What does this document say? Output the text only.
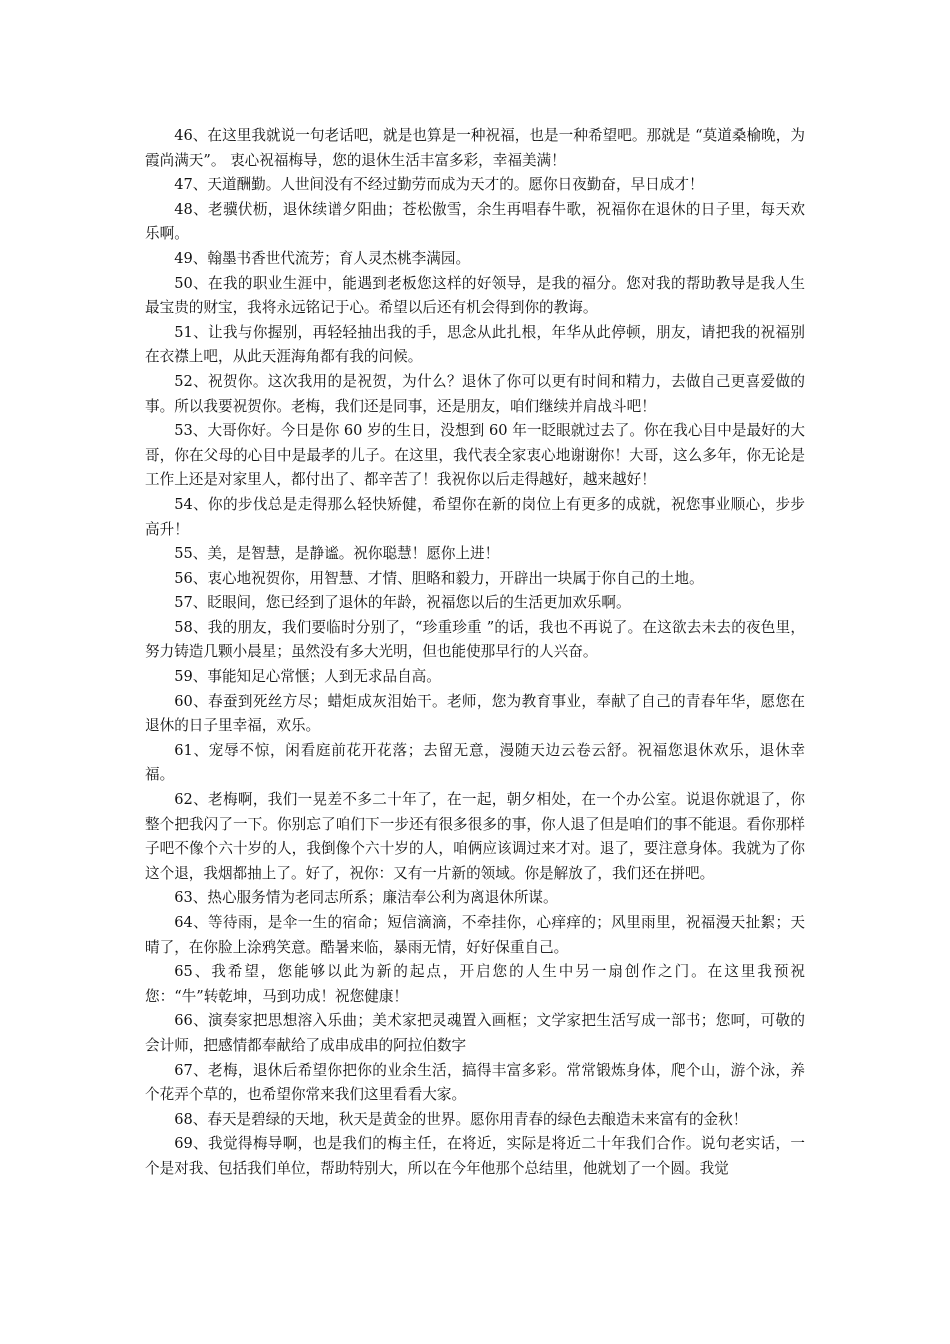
46、在这里我就说一句老话吧，就是也算是一种祝福，也是一种希望吧。那就是 “莫道桑榆晚，为霞尚满天”。 衷心祝福梅导，您的退休生活丰富多彩，幸福美满！

47、天道酬勤。人世间没有不经过勤劳而成为天才的。愿你日夜勤奋，早日成才！

48、老骥伏枥，退休续谱夕阳曲；苍松傲雪，余生再唱春牛歌，祝福你在退休的日子里，每天欢乐啊。

49、翰墨书香世代流芳；育人灵杰桃李满园。

50、在我的职业生涯中，能遇到老板您这样的好领导，是我的福分。您对我的帮助教导是我人生最宝贵的财宝，我将永远铭记于心。希望以后还有机会得到你的教诲。

51、让我与你握别，再轻轻抽出我的手，思念从此扎根，年华从此停顿，朋友，请把我的祝福别在衣襟上吧，从此天涯海角都有我的问候。

52、祝贺你。这次我用的是祝贺，为什么？退休了你可以更有时间和精力，去做自己更喜爱做的事。所以我要祝贺你。老梅，我们还是同事，还是朋友，咱们继续并肩战斗吧！

53、大哥你好。今日是你 60 岁的生日，没想到 60 年一眨眼就过去了。你在我心目中是最好的大哥，你在父母的心目中是最孝的儿子。在这里，我代表全家衷心地谢谢你！大哥，这么多年，你无论是工作上还是对家里人，都付出了、都辛苦了！我祝你以后走得越好，越来越好！

54、你的步伐总是走得那么轻快矫健，希望你在新的岗位上有更多的成就，祝您事业顺心，步步高升！

55、美，是智慧，是静谧。祝你聪慧！愿你上进！

56、衷心地祝贺你，用智慧、才情、胆略和毅力，开辟出一块属于你自己的土地。

57、眨眼间，您已经到了退休的年龄，祝福您以后的生活更加欢乐啊。

58、我的朋友，我们要临时分别了，“珍重珍重 ”的话，我也不再说了。在这欲去未去的夜色里，努力铸造几颗小晨星；虽然没有多大光明，但也能使那早行的人兴奋。

59、事能知足心常惬；人到无求品自高。

60、春蚕到死丝方尽；蜡炬成灰泪始干。老师，您为教育事业，奉献了自己的青春年华，愿您在退休的日子里幸福，欢乐。

61、宠辱不惊，闲看庭前花开花落；去留无意，漫随天边云卷云舒。祝福您退休欢乐，退休幸福。

62、老梅啊，我们一晃差不多二十年了，在一起，朝夕相处，在一个办公室。说退你就退了，你整个把我闪了一下。你别忘了咱们下一步还有很多很多的事，你人退了但是咱们的事不能退。看你那样子吧不像个六十岁的人，我倒像个六十岁的人，咱俩应该调过来才对。退了，要注意身体。我就为了你这个退，我烟都抽上了。好了，祝你：又有一片新的领域。你是解放了，我们还在拼吧。

63、热心服务情为老同志所系；廉洁奉公利为离退休所谋。

64、等待雨，是伞一生的宿命；短信滴滴，不牵挂你，心痒痒的；风里雨里，祝福漫天扯絮；天晴了，在你脸上涂鸦笑意。酷暑来临，暴雨无情，好好保重自己。

65、我希望，您能够以此为新的起点，开启您的人生中另一扇创作之门。在这里我预祝您：“牛”转乾坤，马到功成！祝您健康！

66、演奏家把思想溶入乐曲；美术家把灵魂置入画框；文学家把生活写成一部书；您呵，可敬的会计师，把感情都奉献给了成串成串的阿拉伯数字

67、老梅，退休后希望你把你的业余生活，搞得丰富多彩。常常锻炼身体，爬个山，游个泳，养个花弄个草的，也希望你常来我们这里看看大家。

68、春天是碧绿的天地，秋天是黄金的世界。愿你用青春的绿色去酿造未来富有的金秋！

69、我觉得梅导啊，也是我们的梅主任，在将近，实际是将近二十年我们合作。说句老实话，一个是对我、包括我们单位，帮助特别大，所以在今年他那个总结里，他就划了一个圆。我觉
